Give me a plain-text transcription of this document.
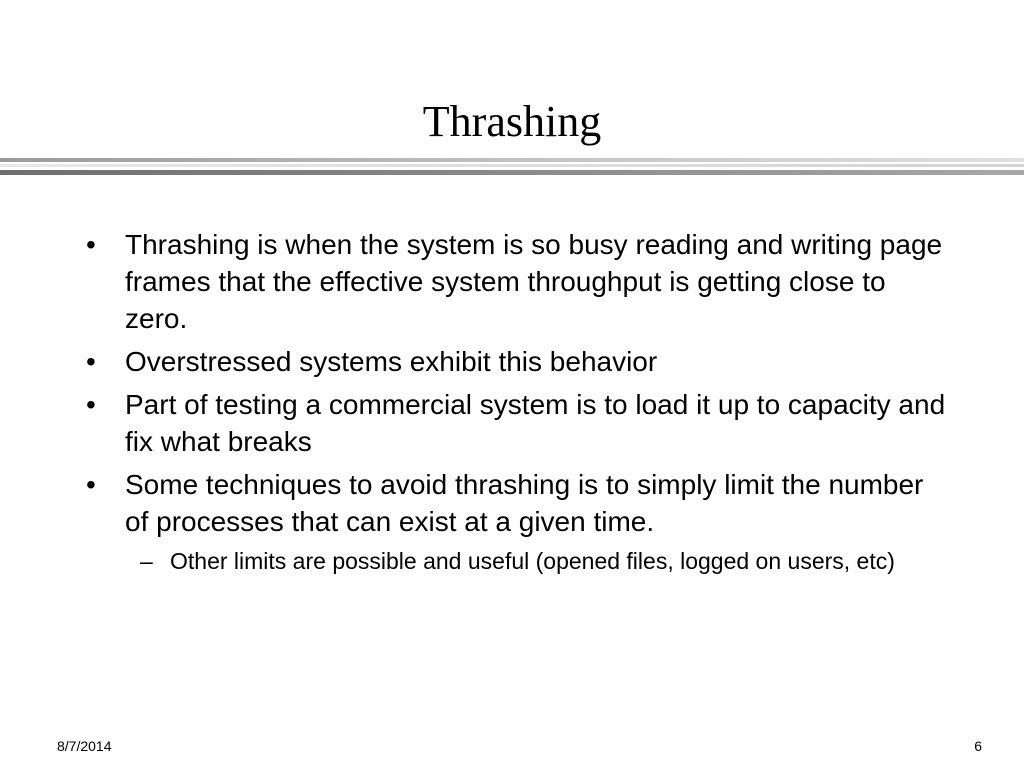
Thrashing
• Thrashing is when the system is so busy reading and writing page frames that the effective system throughput is getting close to zero.
• Overstressed systems exhibit this behavior
• Part of testing a commercial system is to load it up to capacity and fix what breaks
• Some techniques to avoid thrashing is to simply limit the number of processes that can exist at a given time.
– Other limits are possible and useful (opened files, logged on users, etc)
8/7/2014	6
